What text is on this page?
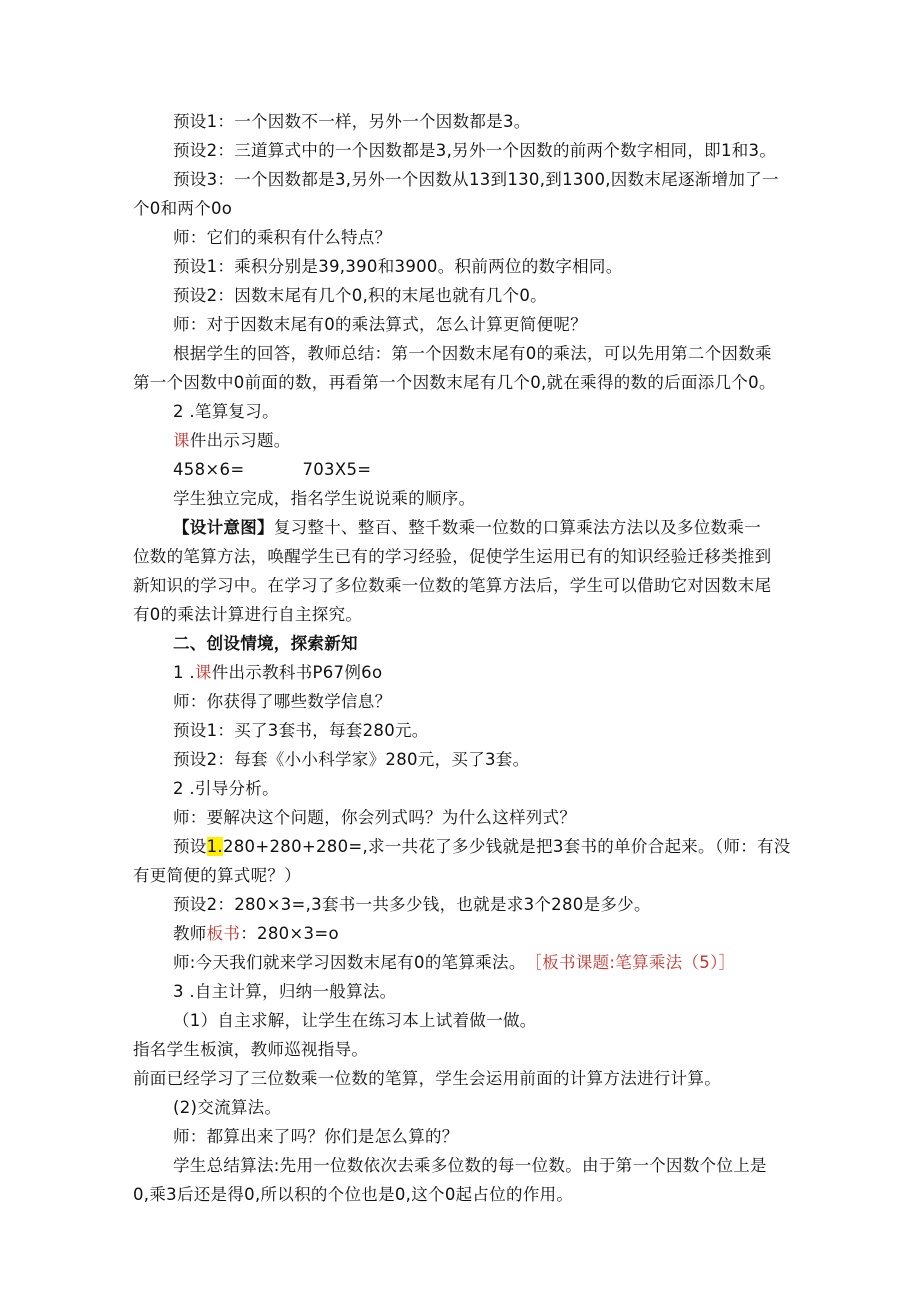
预设1：一个因数不一样，另外一个因数都是3。
预设2：三道算式中的一个因数都是3,另外一个因数的前两个数字相同，即1和3。
预设3：一个因数都是3,另外一个因数从13到130,到1300,因数末尾逐渐增加了一
个0和两个0o
师：它们的乘积有什么特点？
预设1：乘积分别是39,390和3900。积前两位的数字相同。
预设2：因数末尾有几个0,积的末尾也就有几个0。
师：对于因数末尾有0的乘法算式，怎么计算更简便呢？
根据学生的回答，教师总结：第一个因数末尾有0的乘法，可以先用第二个因数乘
第一个因数中0前面的数，再看第一个因数末尾有几个0,就在乘得的数的后面添几个0。
2 .笔算复习。
课件出示习题。
458×6=	703X5=
学生独立完成，指名学生说说乘的顺序。
【设计意图】复习整十、整百、整千数乘一位数的口算乘法方法以及多位数乘一
位数的笔算方法，唤醒学生已有的学习经验，促使学生运用已有的知识经验迁移类推到
新知识的学习中。在学习了多位数乘一位数的笔算方法后，学生可以借助它对因数末尾
有0的乘法计算进行自主探究。
二、创设情境，探索新知
1 .课件出示教科书P67例6o
师：你获得了哪些数学信息？
预设1：买了3套书，每套280元。
预设2：每套《小小科学家》280元，买了3套。
2 .引导分析。
师：要解决这个问题，你会列式吗？为什么这样列式？
预设1.280+280+280=,求一共花了多少钱就是把3套书的单价合起来。（师：有没
有更简便的算式呢？）
预设2：280×3=,3套书一共多少钱，也就是求3个280是多少。
教师板书：280×3=o
师:今天我们就来学习因数末尾有0的笔算乘法。 ［板书课题:笔算乘法（5）］
3 .自主计算，归纳一般算法。
（1）自主求解，让学生在练习本上试着做一做。
指名学生板演，教师巡视指导。
前面已经学习了三位数乘一位数的笔算，学生会运用前面的计算方法进行计算。
(2)交流算法。
师：都算出来了吗？你们是怎么算的？
学生总结算法:先用一位数依次去乘多位数的每一位数。由于第一个因数个位上是
0,乘3后还是得0,所以积的个位也是0,这个0起占位的作用。
